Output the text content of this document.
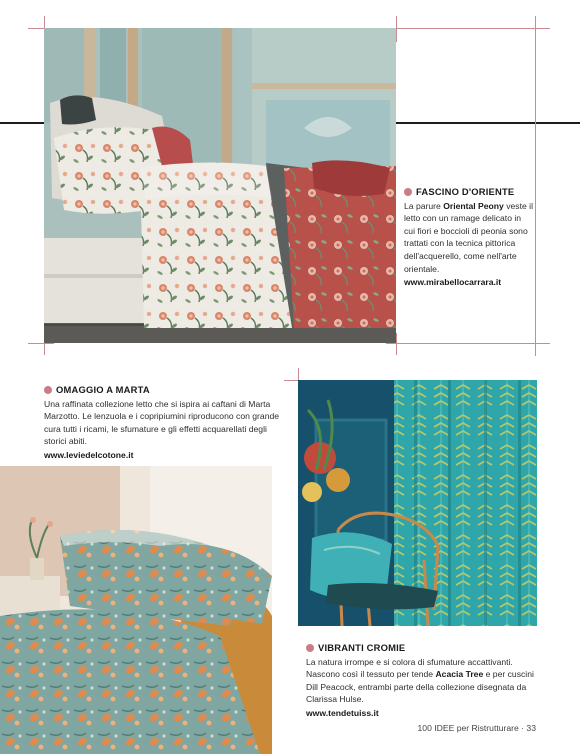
FASCINO D'ORIENTE
La parure Oriental Peony veste il letto con un ramage delicato in cui fiori e boccioli di peonia sono trattati con la tecnica pittorica dell'acquerello, come nell'arte orientale.
www.mirabellocarrara.it
OMAGGIO A MARTA
Una raffinata collezione letto che si ispira ai caftani di Marta Marzotto. Le lenzuola e i copripiumini riproducono con grande cura tutti i ricami, le sfumature e gli effetti acquarellati degli storici abiti.
www.leviedelcotone.it
VIBRANTI CROMIE
La natura irrompe e si colora di sfumature accattivanti. Nascono così il tessuto per tende Acacia Tree e per cuscini Dill Peacock, entrambi parte della collezione disegnata da Clarissa Hulse.
www.tendetuiss.it
100 IDEE per Ristrutturare · 33
